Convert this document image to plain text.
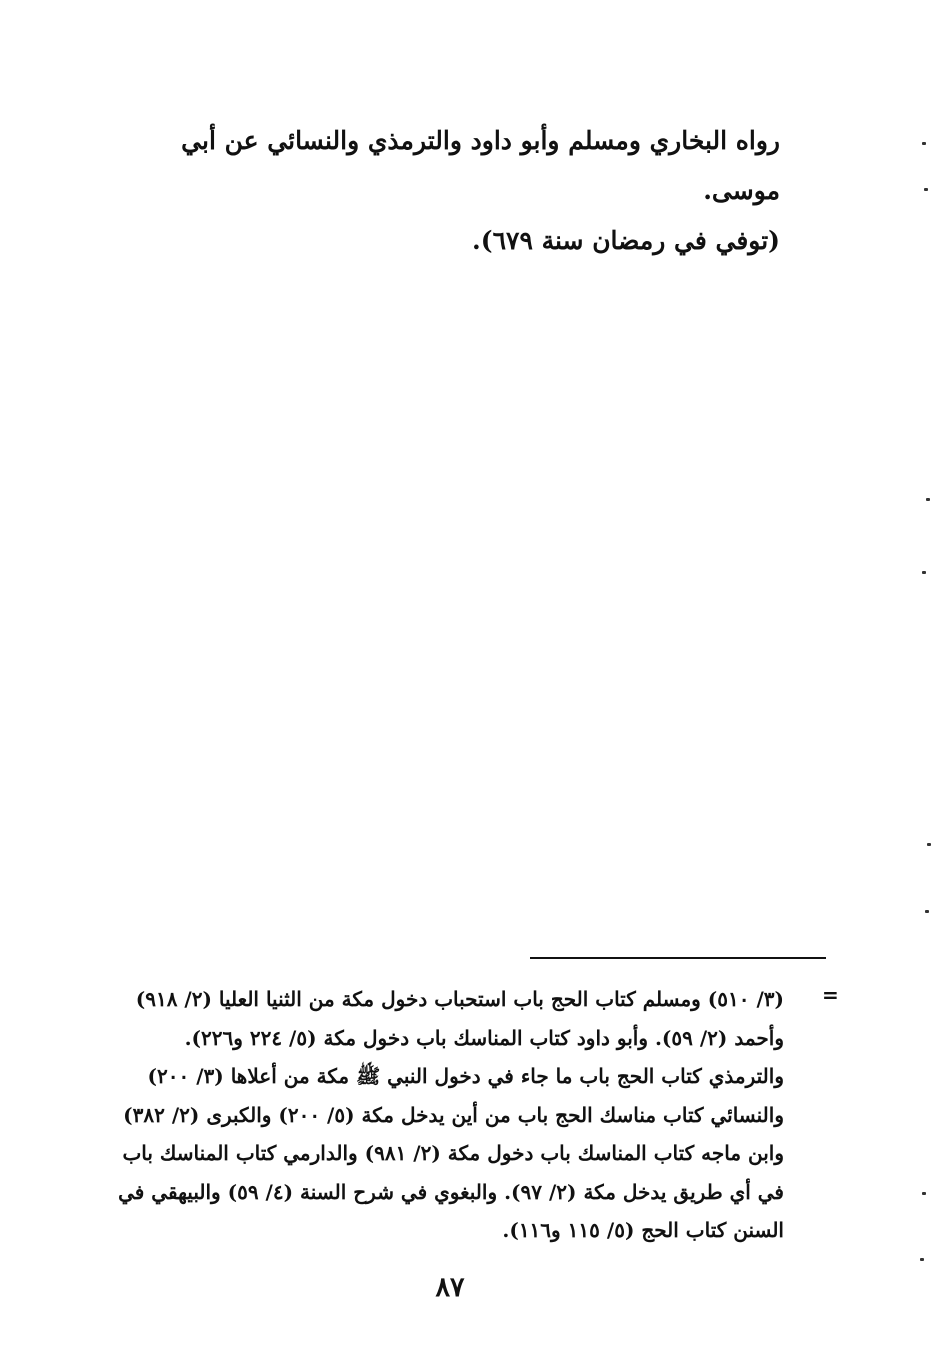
رواه البخاري ومسلم وأبو داود والترمذي والنسائي عن أبي موسى.

(توفي في رمضان سنة ٦٧٩).

=

(٣/ ٥١٠) ومسلم كتاب الحج باب استحباب دخول مكة من الثنيا العليا (٢/ ٩١٨)

وأحمد (٢/ ٥٩). وأبو داود كتاب المناسك باب دخول مكة (٥/ ٢٢٤ و٢٢٦).

والترمذي كتاب الحج باب ما جاء في دخول النبي ﷺ مكة من أعلاها (٣/ ٢٠٠)

والنسائي كتاب مناسك الحج باب من أين يدخل مكة (٥/ ٢٠٠) والكبرى (٢/ ٣٨٢)

وابن ماجه كتاب المناسك باب دخول مكة (٢/ ٩٨١) والدارمي كتاب المناسك باب

في أي طريق يدخل مكة (٢/ ٩٧). والبغوي في شرح السنة (٤/ ٥٩) والبيهقي في

السنن كتاب الحج (٥/ ١١٥ و١١٦).

٨٧
